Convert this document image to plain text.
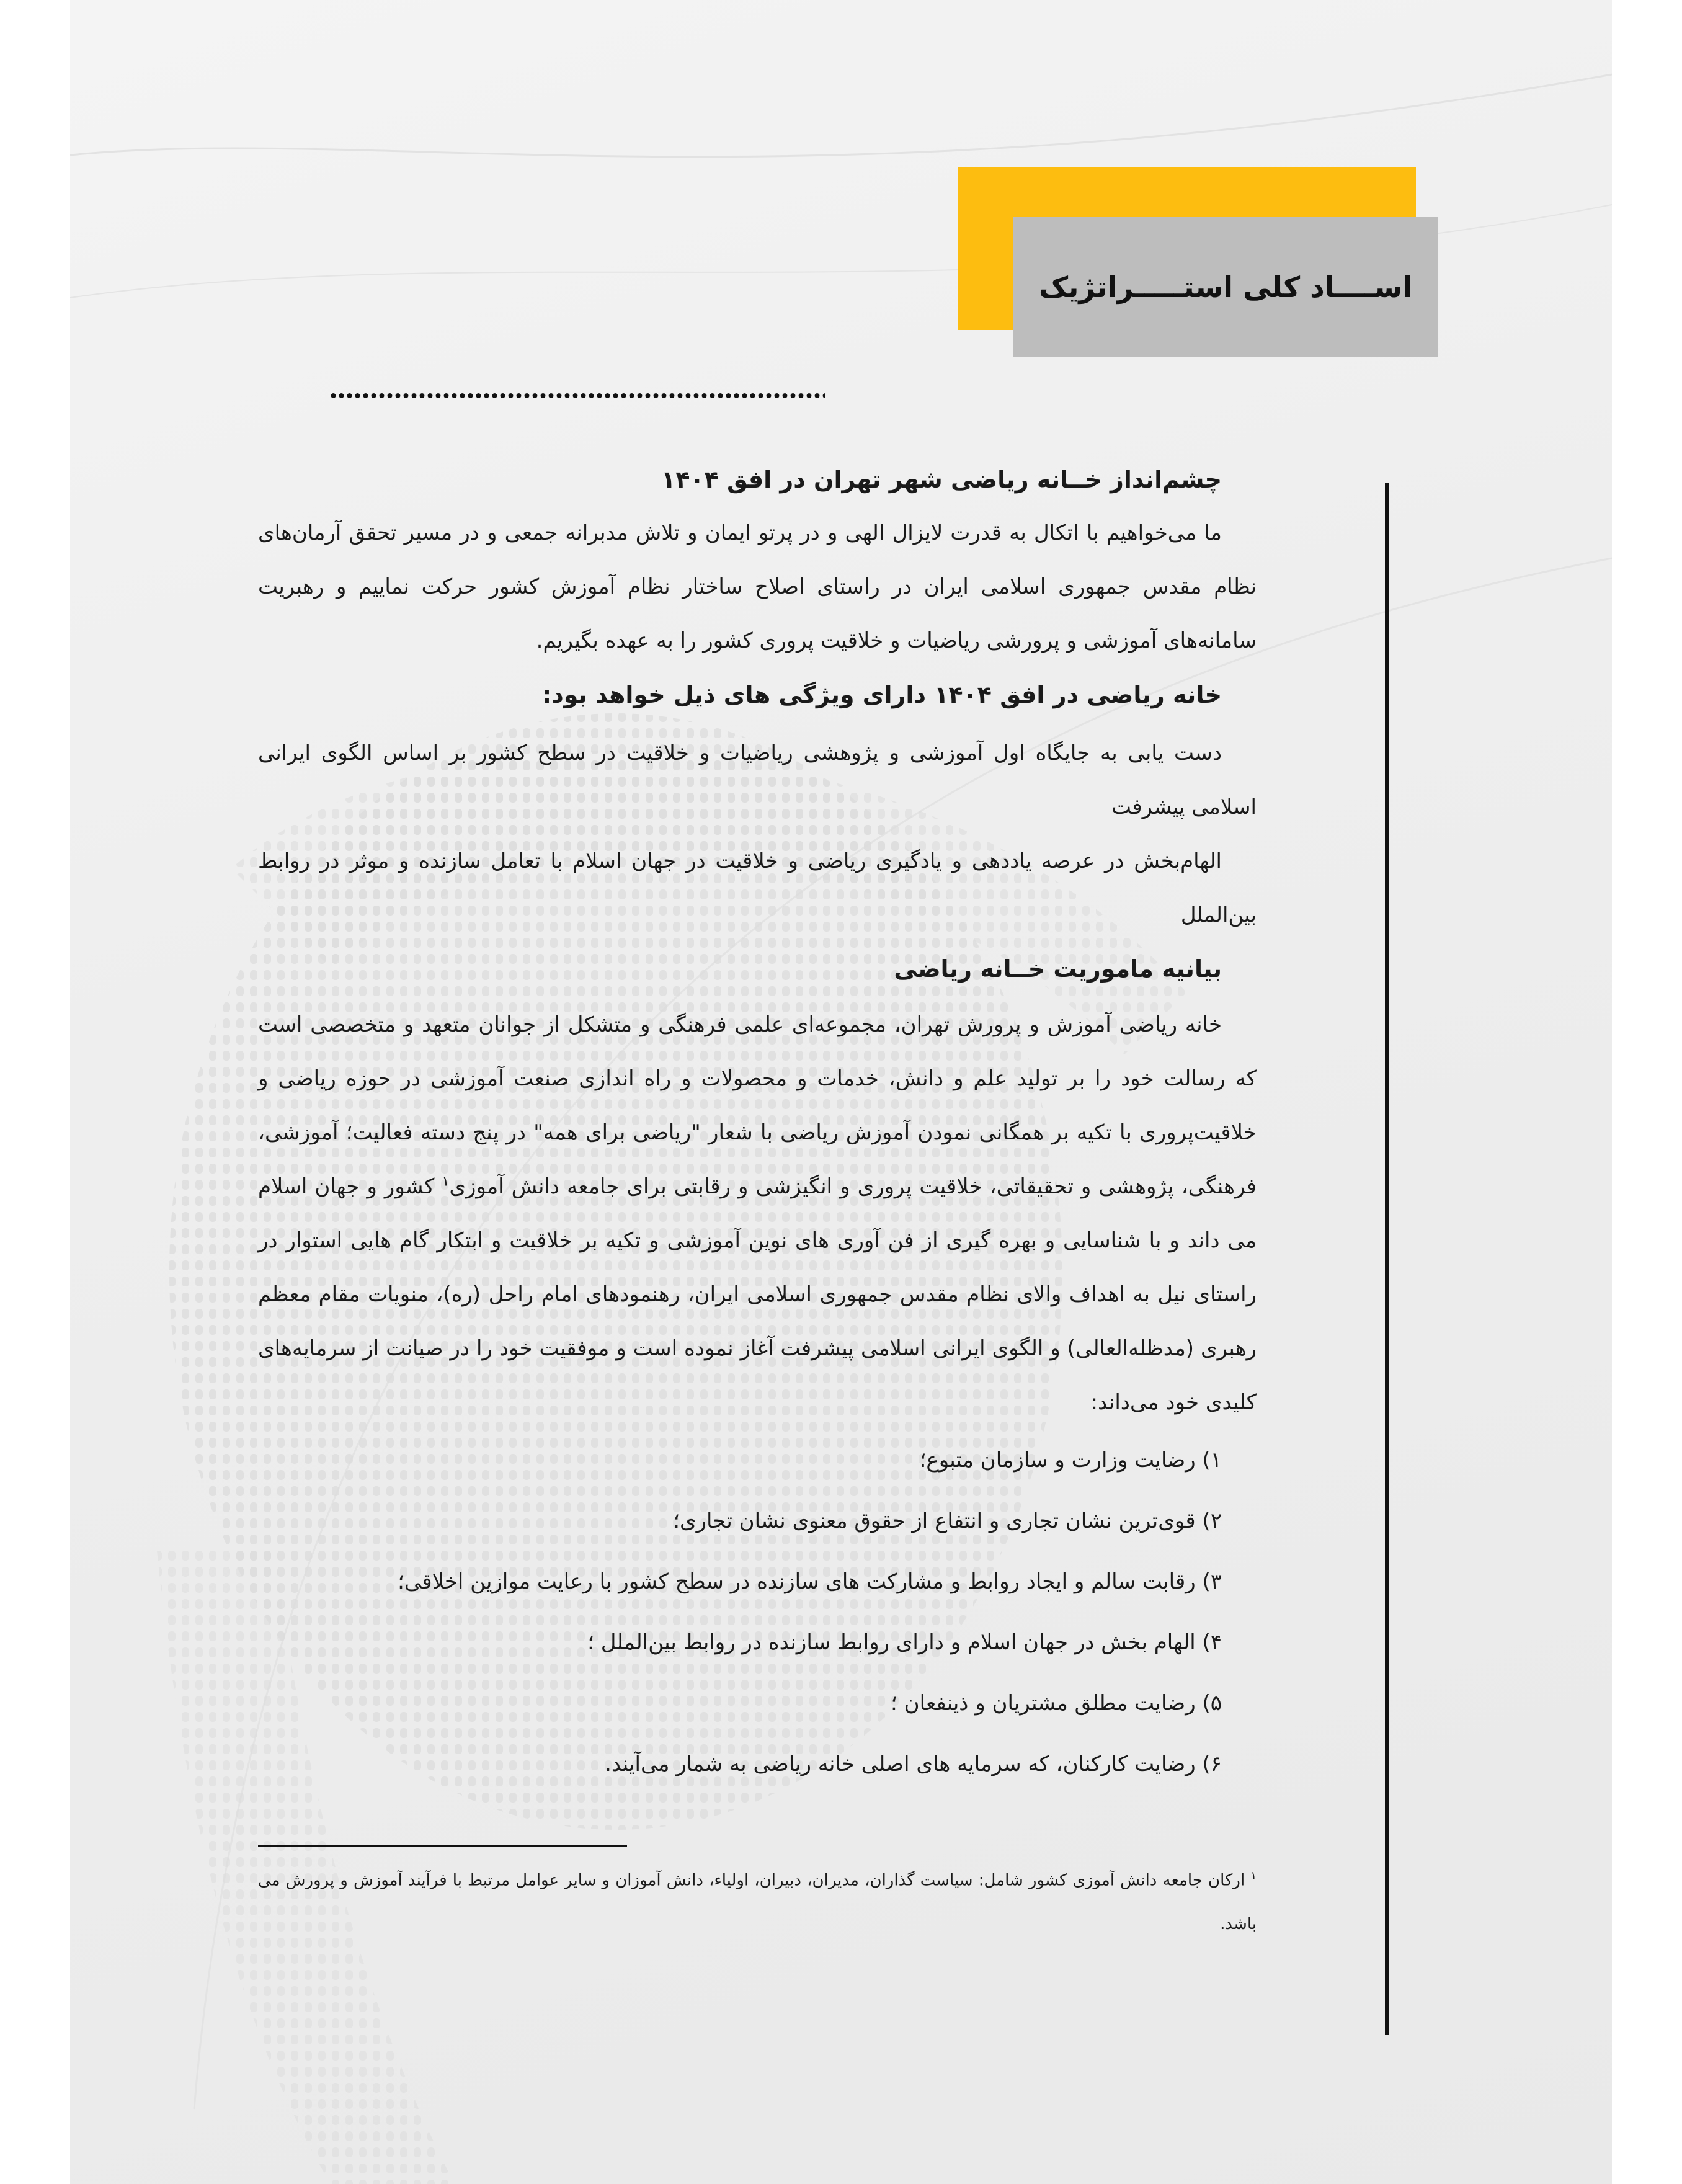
اســــاد کلی استـــــراتژیک

چشم‌انداز خــانه ریاضی شهر تهران در افق ۱۴۰۴

ما می‌خواهیم با اتکال به قدرت لایزال الهی و در پرتو ایمان و تلاش مدبرانه جمعی و در مسیر تحقق آرمان‌های نظام مقدس جمهوری اسلامی ایران در راستای اصلاح ساختار نظام آموزش کشور حرکت نماییم و رهبریت سامانه‌های آموزشی و پرورشی ریاضیات و خلاقیت پروری کشور را به عهده بگیریم.

خانه ریاضی در افق ۱۴۰۴ دارای ویژگی های ذیل خواهد بود:

دست یابی به جایگاه اول آموزشی و پژوهشی ریاضیات و خلاقیت در سطح کشور بر اساس الگوی ایرانی اسلامی پیشرفت

الهام‌بخش در عرصه یاددهی و یادگیری ریاضی و خلاقیت در جهان اسلام با تعامل سازنده و موثر در روابط بین‌الملل

بیانیه ماموریت خــانه ریاضی

خانه ریاضی آموزش و پرورش تهران، مجموعه‌ای علمی فرهنگی و متشکل از جوانان متعهد و متخصصی است که رسالت خود را بر تولید علم و دانش، خدمات و محصولات و راه اندازی صنعت آموزشی در حوزه ریاضی و خلاقیت‌پروری با تکیه بر همگانی نمودن آموزش ریاضی با شعار "ریاضی برای همه" در پنج دسته فعالیت؛ آموزشی، فرهنگی، پژوهشی و تحقیقاتی، خلاقیت پروری و انگیزشی و رقابتی برای جامعه دانش آموزی$^۱$ کشور و جهان اسلام می داند و با شناسایی و بهره گیری از فن آوری های نوین آموزشی و تکیه بر خلاقیت و ابتکار گام هایی استوار در راستای نیل به اهداف والای نظام مقدس جمهوری اسلامی ایران، رهنمودهای امام راحل (ره)، منویات مقام معظم رهبری (مدظله‌العالی) و الگوی ایرانی اسلامی پیشرفت آغاز نموده است و موفقیت خود را در صیانت از سرمایه‌های کلیدی خود می‌داند:

۱) رضایت وزارت و سازمان متبوع؛
۲) قوی‌ترین نشان تجاری و انتفاع از حقوق معنوی نشان تجاری؛
۳) رقابت سالم و ایجاد روابط و مشارکت های سازنده در سطح کشور با رعایت موازین اخلاقی؛
۴) الهام بخش در جهان اسلام و دارای روابط سازنده در روابط بین‌الملل ؛
۵) رضایت مطلق مشتریان و ذینفعان ؛
۶) رضایت کارکنان، که سرمایه های اصلی خانه ریاضی به شمار می‌آیند.
$^۱$ ارکان جامعه دانش آموزی کشور شامل: سیاست گذاران، مدیران، دبیران، اولیاء، دانش آموزان و سایر عوامل مرتبط با فرآیند آموزش و پرورش می باشد.
